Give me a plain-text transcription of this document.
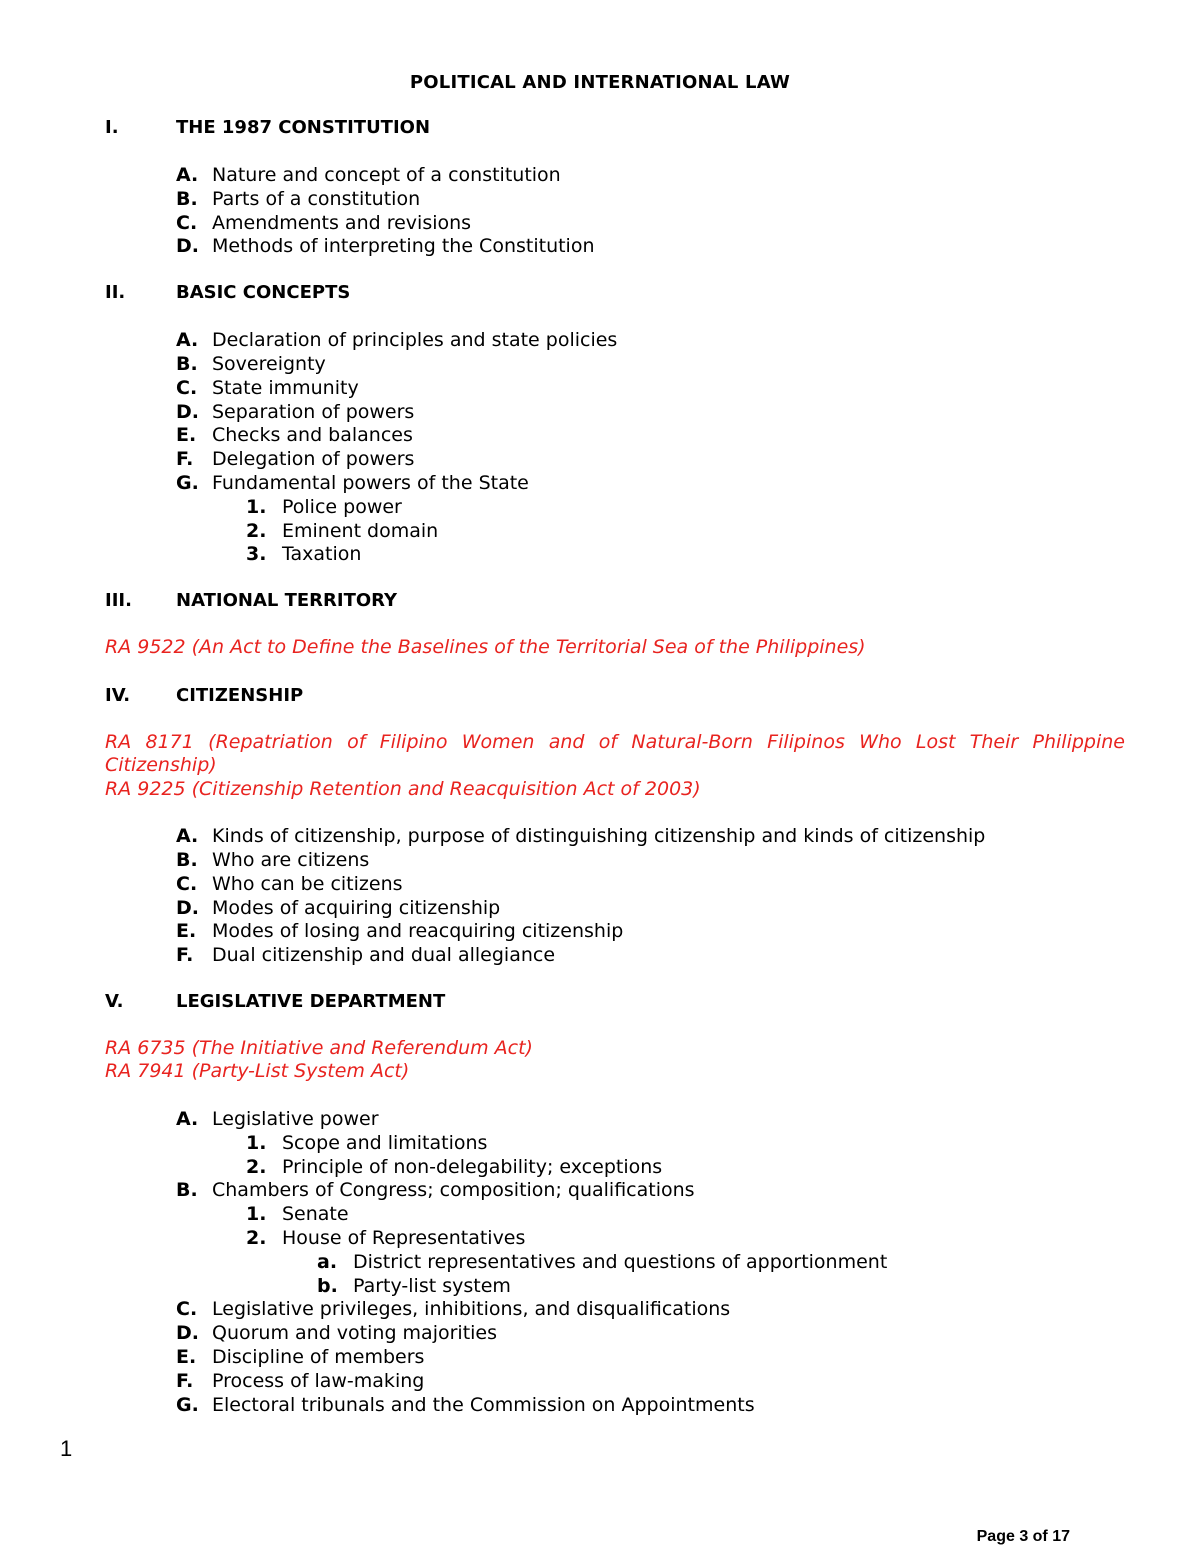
POLITICAL AND INTERNATIONAL LAW
I.	THE 1987 CONSTITUTION
A. Nature and concept of a constitution
B. Parts of a constitution
C. Amendments and revisions
D. Methods of interpreting the Constitution
II.	BASIC CONCEPTS
A. Declaration of principles and state policies
B. Sovereignty
C. State immunity
D. Separation of powers
E. Checks and balances
F. Delegation of powers
G. Fundamental powers of the State
1. Police power
2. Eminent domain
3. Taxation
III.	NATIONAL TERRITORY
RA 9522 (An Act to Define the Baselines of the Territorial Sea of the Philippines)
IV.	CITIZENSHIP
RA 8171 (Repatriation of Filipino Women and of Natural-Born Filipinos Who Lost Their Philippine
Citizenship)
RA 9225 (Citizenship Retention and Reacquisition Act of 2003)
A. Kinds of citizenship, purpose of distinguishing citizenship and kinds of citizenship
B. Who are citizens
C. Who can be citizens
D. Modes of acquiring citizenship
E. Modes of losing and reacquiring citizenship
F. Dual citizenship and dual allegiance
V.	LEGISLATIVE DEPARTMENT
RA 6735 (The Initiative and Referendum Act)
RA 7941 (Party-List System Act)
A. Legislative power
1. Scope and limitations
2. Principle of non-delegability; exceptions
B. Chambers of Congress; composition; qualifications
1. Senate
2. House of Representatives
a. District representatives and questions of apportionment
b. Party-list system
C. Legislative privileges, inhibitions, and disqualifications
D. Quorum and voting majorities
E. Discipline of members
F. Process of law-making
G. Electoral tribunals and the Commission on Appointments
1
Page 3 of 17
